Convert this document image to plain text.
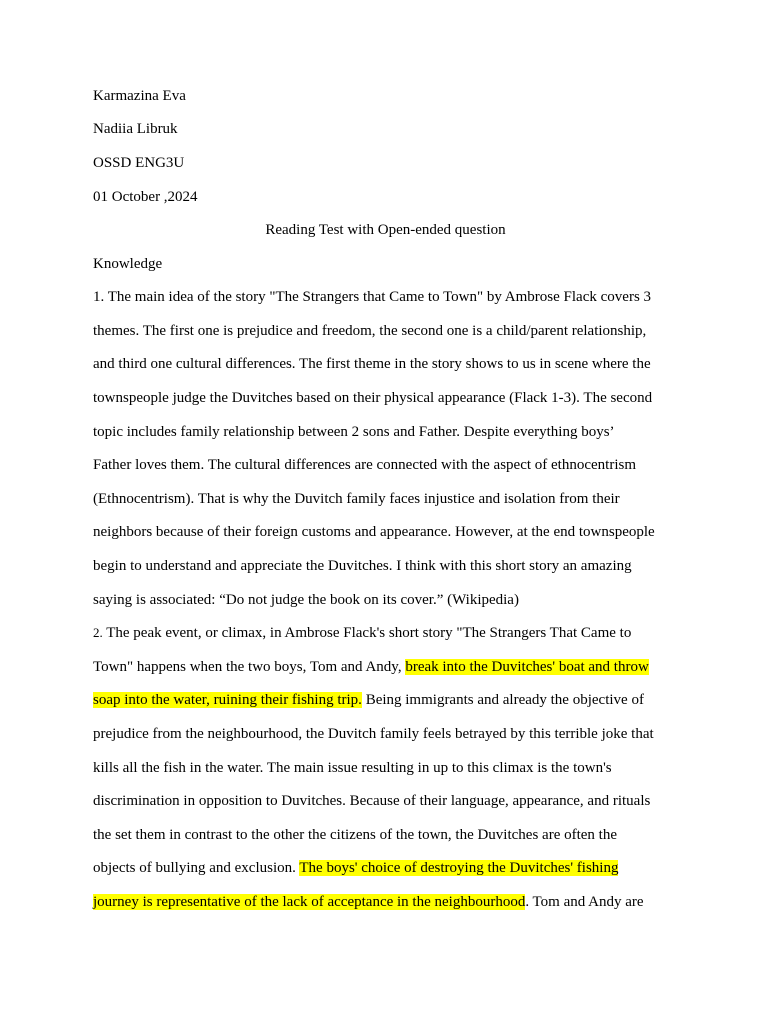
Karmazina Eva
Nadiia Libruk
OSSD ENG3U
01 October ,2024
Reading Test with Open-ended question
Knowledge
1. The main idea of the story "The Strangers that Came to Town" by Ambrose Flack covers 3
themes. The first one is prejudice and freedom, the second one is a child/parent relationship,
and third one cultural differences. The first theme in the story shows to us in scene where the
townspeople judge the Duvitches based on their physical appearance (Flack 1-3). The second
topic includes family relationship between 2 sons and Father. Despite everything boys’
Father loves them. The cultural differences are connected with the aspect of ethnocentrism
(Ethnocentrism). That is why the Duvitch family faces injustice and isolation from their
neighbors because of their foreign customs and appearance. However, at the end townspeople
begin to understand and appreciate the Duvitches. I think with this short story an amazing
saying is associated: “Do not judge the book on its cover.” (Wikipedia)
2. The peak event, or climax, in Ambrose Flack's short story "The Strangers That Came to
Town" happens when the two boys, Tom and Andy, break into the Duvitches' boat and throw
soap into the water, ruining their fishing trip. Being immigrants and already the objective of
prejudice from the neighbourhood, the Duvitch family feels betrayed by this terrible joke that
kills all the fish in the water. The main issue resulting in up to this climax is the town's
discrimination in opposition to Duvitches. Because of their language, appearance, and rituals
the set them in contrast to the other the citizens of the town, the Duvitches are often the
objects of bullying and exclusion. The boys' choice of destroying the Duvitches' fishing
journey is representative of the lack of acceptance in the neighbourhood. Tom and Andy are
